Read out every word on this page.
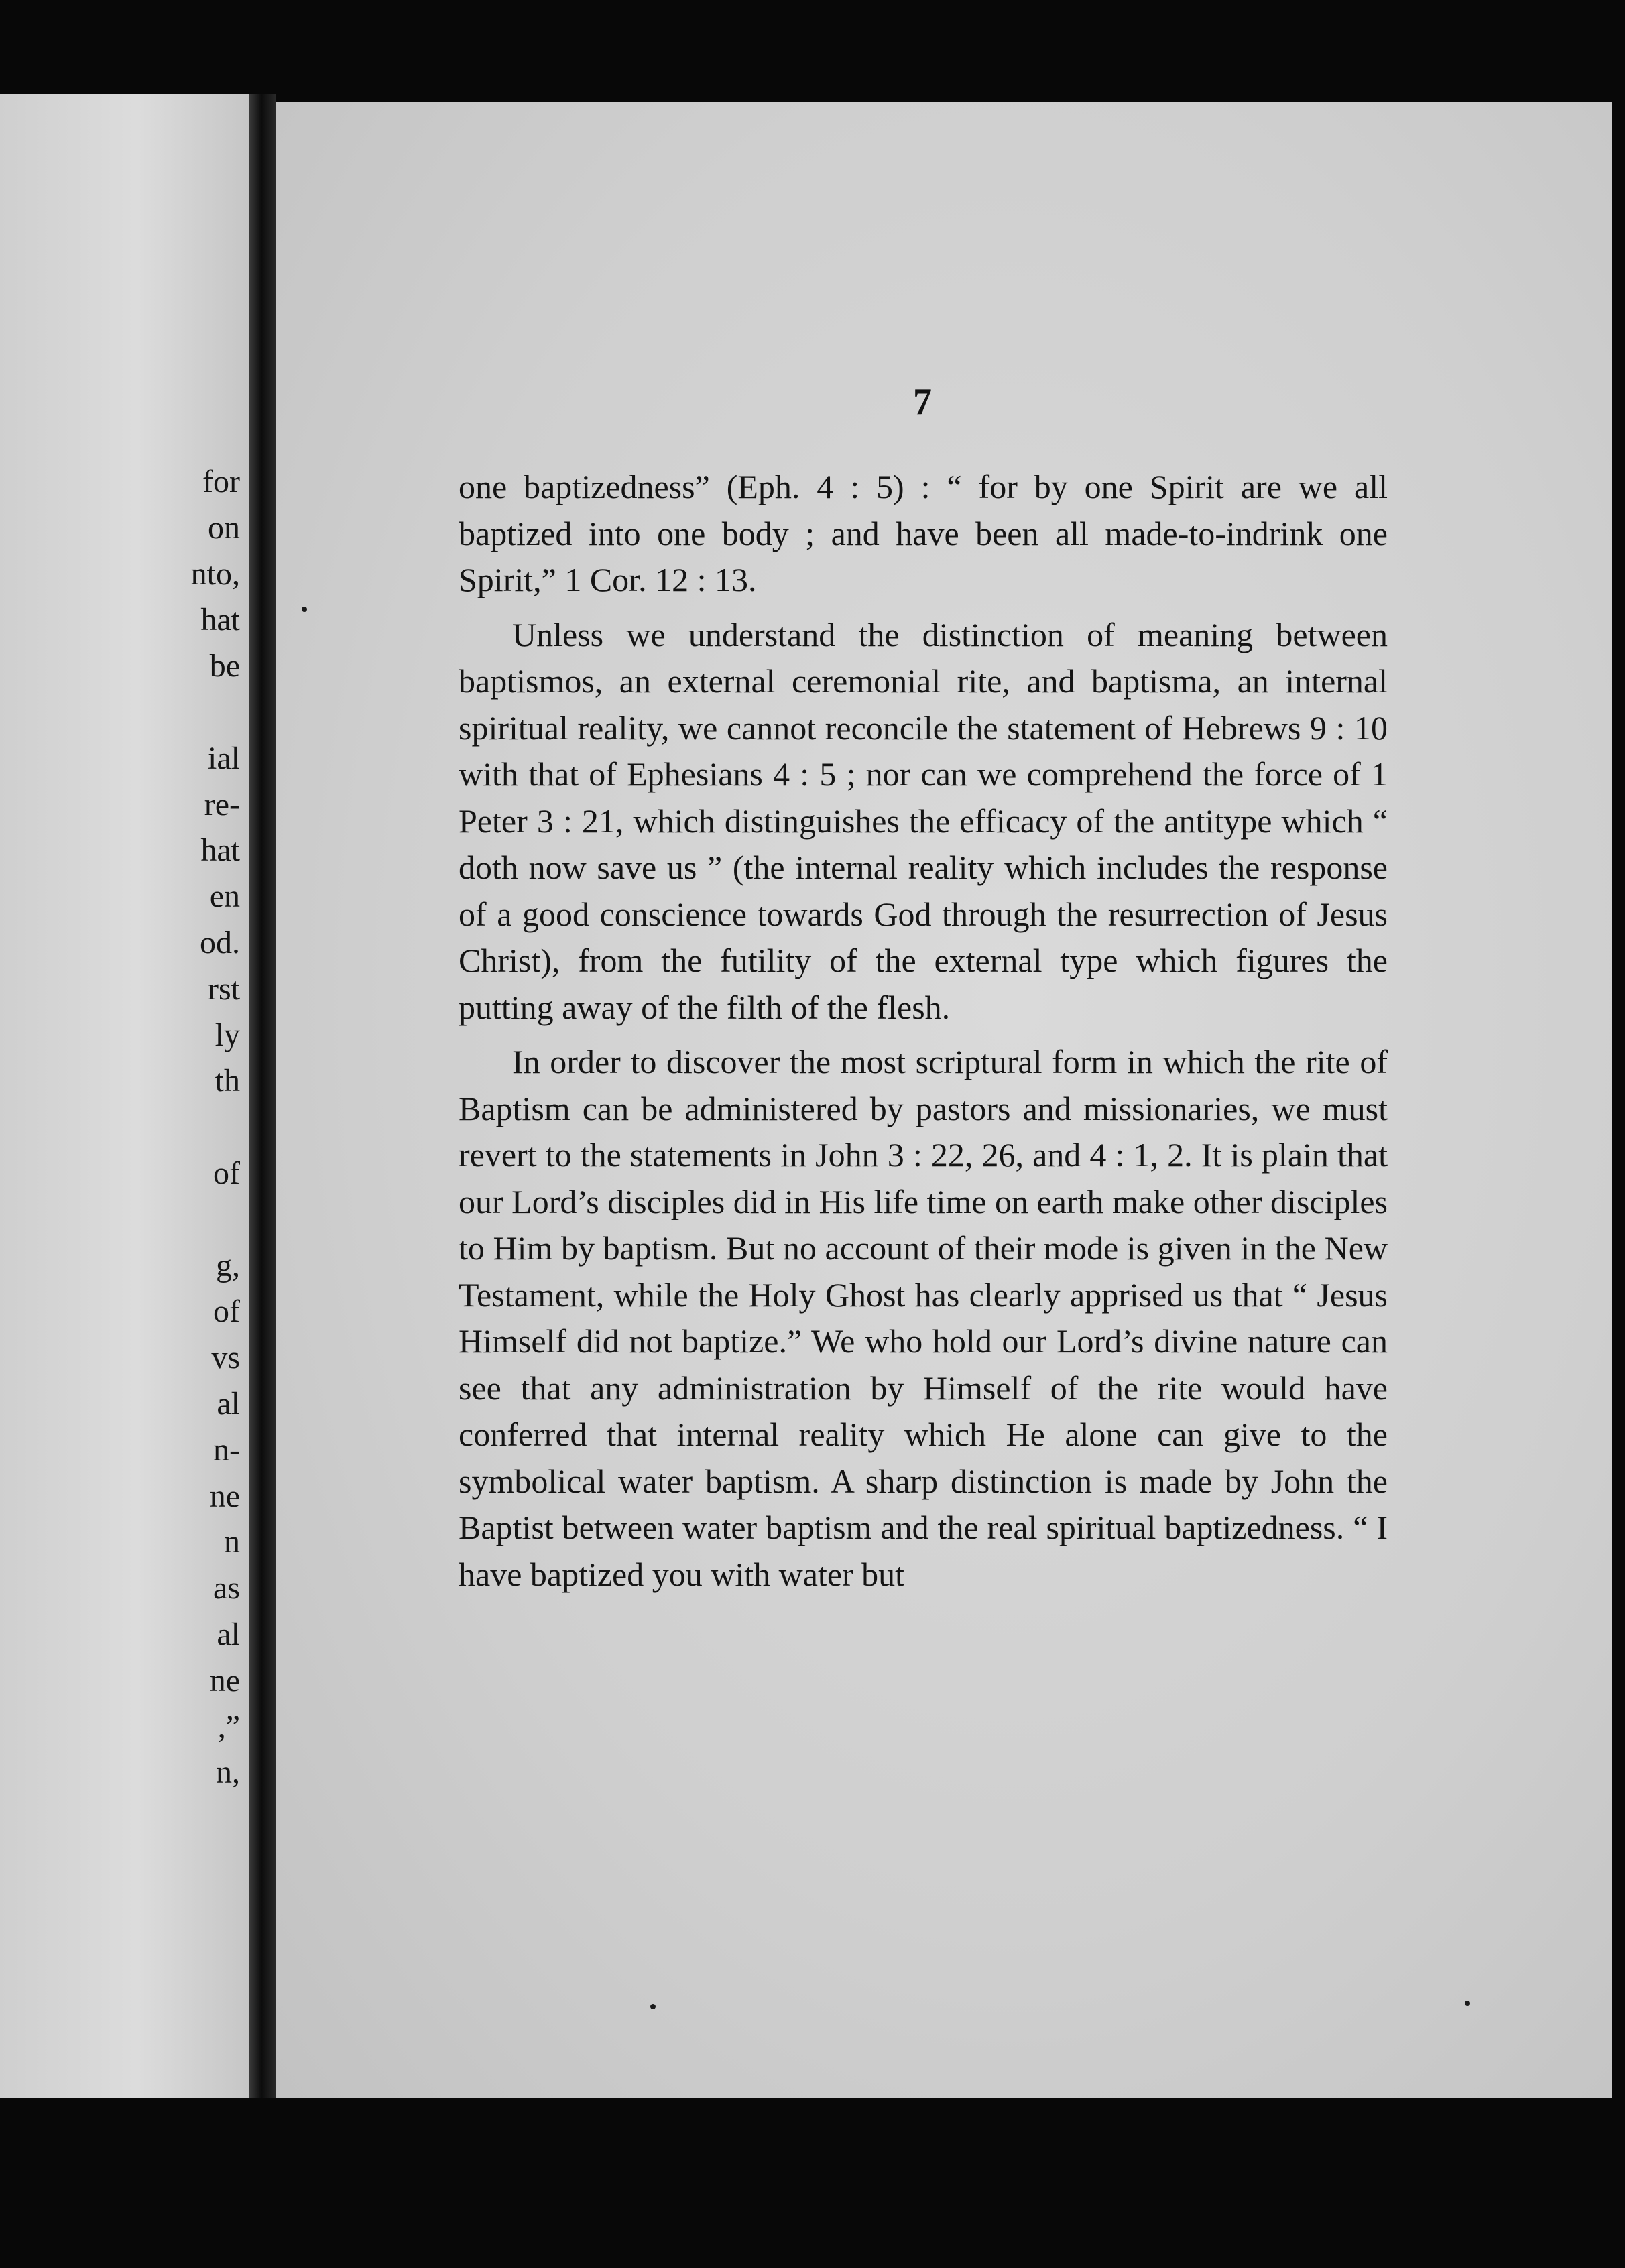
for
on
nto,
hat
be
ial
re-
hat
en
od.
rst
ly
th
of
g,
of
vs
al
n-
ne
n
as
al
ne
,”
n,
7

one baptizedness” (Eph. 4 : 5) : “ for by one Spirit are we all baptized into one body ; and have been all made-to-indrink one Spirit,” 1 Cor. 12 : 13.

Unless we understand the distinction of meaning between baptismos, an external ceremonial rite, and baptisma, an internal spiritual reality, we cannot reconcile the statement of Hebrews 9 : 10 with that of Ephesians 4 : 5 ; nor can we comprehend the force of 1 Peter 3 : 21, which distinguishes the efficacy of the antitype which “ doth now save us ” (the internal reality which includes the response of a good conscience towards God through the resurrection of Jesus Christ), from the futility of the external type which figures the putting away of the filth of the flesh.

In order to discover the most scriptural form in which the rite of Baptism can be administered by pastors and missionaries, we must revert to the statements in John 3 : 22, 26, and 4 : 1, 2. It is plain that our Lord’s disciples did in His life time on earth make other disciples to Him by baptism. But no account of their mode is given in the New Testament, while the Holy Ghost has clearly apprised us that “ Jesus Himself did not baptize.” We who hold our Lord’s divine nature can see that any administration by Himself of the rite would have conferred that internal reality which He alone can give to the symbolical water baptism. A sharp distinction is made by John the Baptist between water baptism and the real spiritual baptizedness. “ I have baptized you with water but
